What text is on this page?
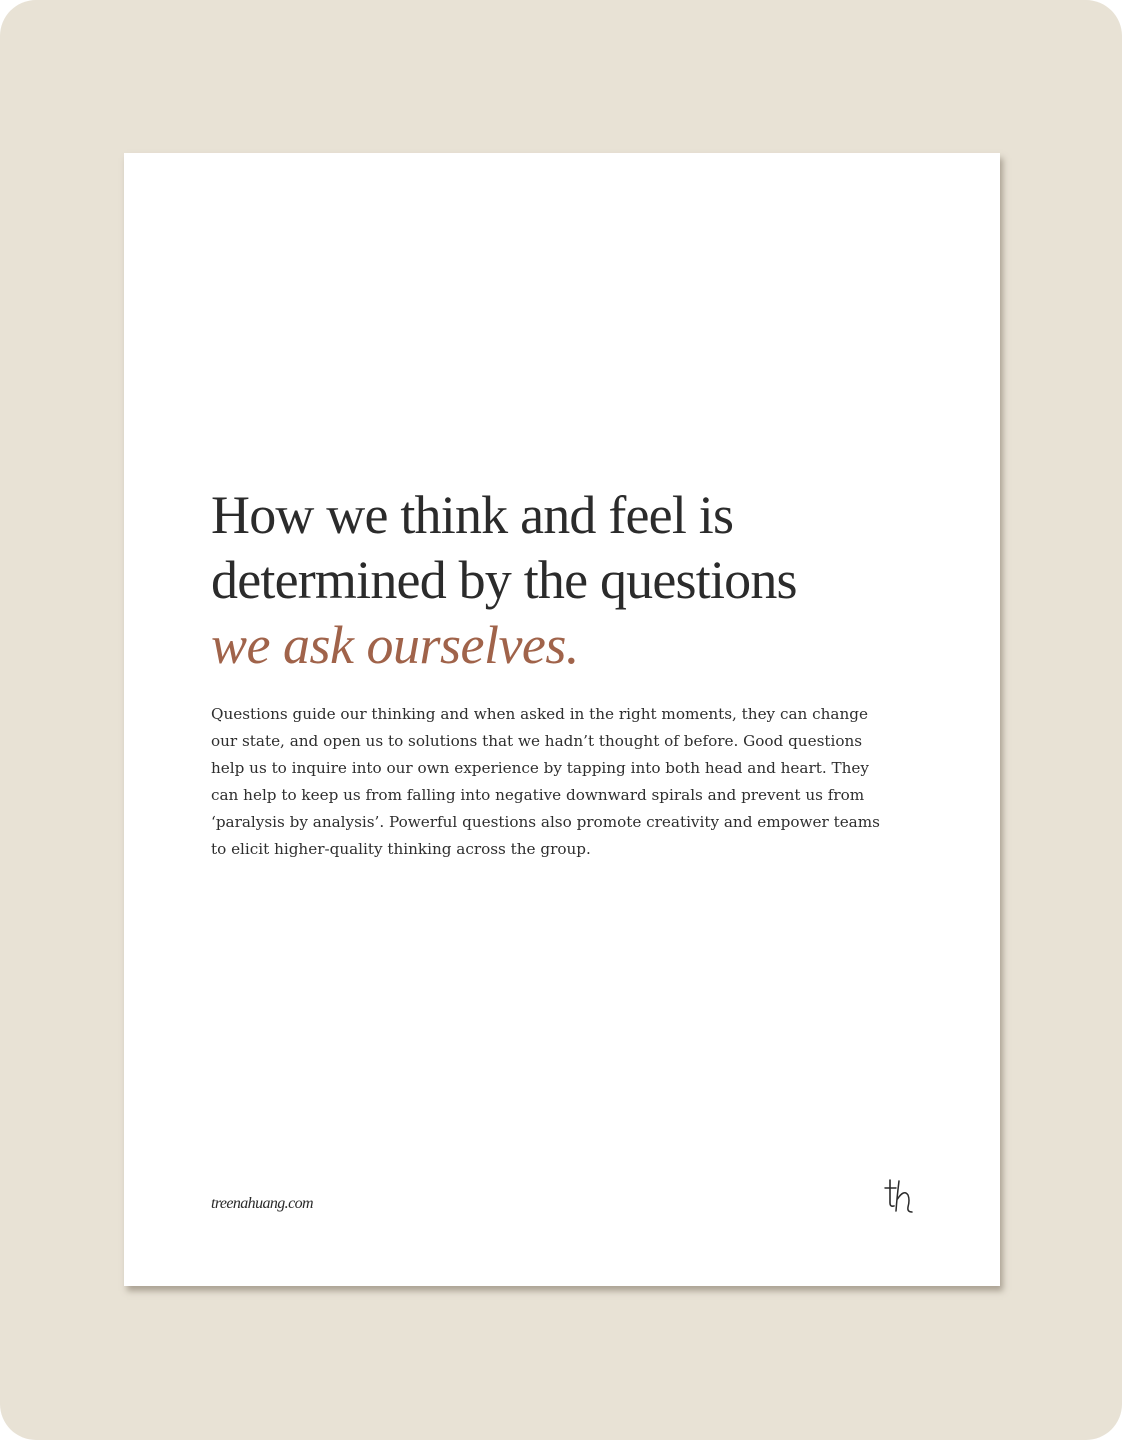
How we think and feel is
determined by the questions
we ask ourselves.

Questions guide our thinking and when asked in the right moments, they can change
our state, and open us to solutions that we hadn’t thought of before. Good questions
help us to inquire into our own experience by tapping into both head and heart. They
can help to keep us from falling into negative downward spirals and prevent us from
‘paralysis by analysis’. Powerful questions also promote creativity and empower teams
to elicit higher-quality thinking across the group.

treenahuang.com
